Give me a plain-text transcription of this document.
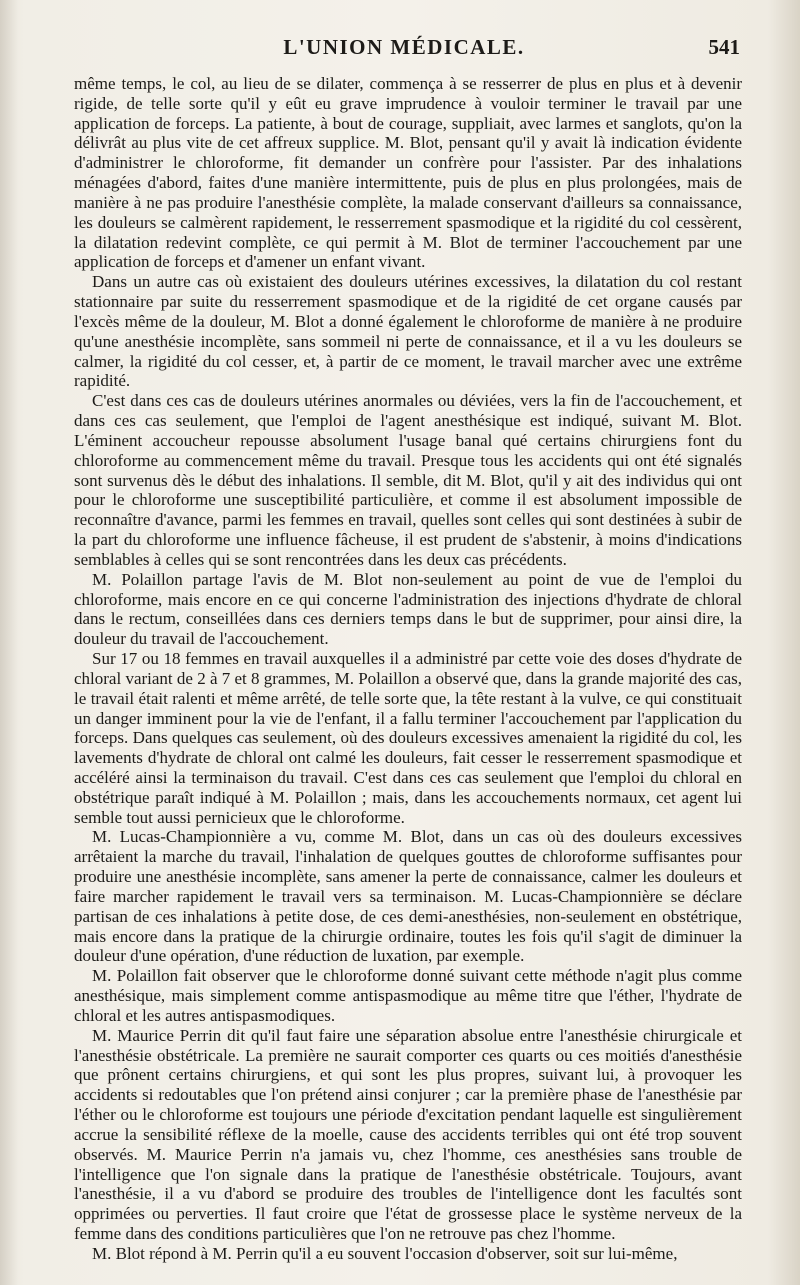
L'UNION MÉDICALE.	541

même temps, le col, au lieu de se dilater, commença à se resserrer de plus en plus et à devenir rigide, de telle sorte qu'il y eût eu grave imprudence à vouloir terminer le travail par une application de forceps. La patiente, à bout de courage, suppliait, avec larmes et sanglots, qu'on la délivrât au plus vite de cet affreux supplice. M. Blot, pensant qu'il y avait là indication évidente d'administrer le chloroforme, fit demander un confrère pour l'assister. Par des inhalations ménagées d'abord, faites d'une manière intermittente, puis de plus en plus prolongées, mais de manière à ne pas produire l'anesthésie complète, la malade conservant d'ailleurs sa connaissance, les douleurs se calmèrent rapidement, le resserrement spasmodique et la rigidité du col cessèrent, la dilatation redevint complète, ce qui permit à M. Blot de terminer l'accouchement par une application de forceps et d'amener un enfant vivant.

Dans un autre cas où existaient des douleurs utérines excessives, la dilatation du col restant stationnaire par suite du resserrement spasmodique et de la rigidité de cet organe causés par l'excès même de la douleur, M. Blot a donné également le chloroforme de manière à ne produire qu'une anesthésie incomplète, sans sommeil ni perte de connaissance, et il a vu les douleurs se calmer, la rigidité du col cesser, et, à partir de ce moment, le travail marcher avec une extrême rapidité.

C'est dans ces cas de douleurs utérines anormales ou déviées, vers la fin de l'accouchement, et dans ces cas seulement, que l'emploi de l'agent anesthésique est indiqué, suivant M. Blot. L'éminent accoucheur repousse absolument l'usage banal qué certains chirurgiens font du chloroforme au commencement même du travail. Presque tous les accidents qui ont été signalés sont survenus dès le début des inhalations. Il semble, dit M. Blot, qu'il y ait des individus qui ont pour le chloroforme une susceptibilité particulière, et comme il est absolument impossible de reconnaître d'avance, parmi les femmes en travail, quelles sont celles qui sont destinées à subir de la part du chloroforme une influence fâcheuse, il est prudent de s'abstenir, à moins d'indications semblables à celles qui se sont rencontrées dans les deux cas précédents.

M. Polaillon partage l'avis de M. Blot non-seulement au point de vue de l'emploi du chloroforme, mais encore en ce qui concerne l'administration des injections d'hydrate de chloral dans le rectum, conseillées dans ces derniers temps dans le but de supprimer, pour ainsi dire, la douleur du travail de l'accouchement.

Sur 17 ou 18 femmes en travail auxquelles il a administré par cette voie des doses d'hydrate de chloral variant de 2 à 7 et 8 grammes, M. Polaillon a observé que, dans la grande majorité des cas, le travail était ralenti et même arrêté, de telle sorte que, la tête restant à la vulve, ce qui constituait un danger imminent pour la vie de l'enfant, il a fallu terminer l'accouchement par l'application du forceps. Dans quelques cas seulement, où des douleurs excessives amenaient la rigidité du col, les lavements d'hydrate de chloral ont calmé les douleurs, fait cesser le resserrement spasmodique et accéléré ainsi la terminaison du travail. C'est dans ces cas seulement que l'emploi du chloral en obstétrique paraît indiqué à M. Polaillon ; mais, dans les accouchements normaux, cet agent lui semble tout aussi pernicieux que le chloroforme.

M. Lucas-Championnière a vu, comme M. Blot, dans un cas où des douleurs excessives arrêtaient la marche du travail, l'inhalation de quelques gouttes de chloroforme suffisantes pour produire une anesthésie incomplète, sans amener la perte de connaissance, calmer les douleurs et faire marcher rapidement le travail vers sa terminaison. M. Lucas-Championnière se déclare partisan de ces inhalations à petite dose, de ces demi-anesthésies, non-seulement en obstétrique, mais encore dans la pratique de la chirurgie ordinaire, toutes les fois qu'il s'agit de diminuer la douleur d'une opération, d'une réduction de luxation, par exemple.

M. Polaillon fait observer que le chloroforme donné suivant cette méthode n'agit plus comme anesthésique, mais simplement comme antispasmodique au même titre que l'éther, l'hydrate de chloral et les autres antispasmodiques.

M. Maurice Perrin dit qu'il faut faire une séparation absolue entre l'anesthésie chirurgicale et l'anesthésie obstétricale. La première ne saurait comporter ces quarts ou ces moitiés d'anesthésie que prônent certains chirurgiens, et qui sont les plus propres, suivant lui, à provoquer les accidents si redoutables que l'on prétend ainsi conjurer ; car la première phase de l'anesthésie par l'éther ou le chloroforme est toujours une période d'excitation pendant laquelle est singulièrement accrue la sensibilité réflexe de la moelle, cause des accidents terribles qui ont été trop souvent observés. M. Maurice Perrin n'a jamais vu, chez l'homme, ces anesthésies sans trouble de l'intelligence que l'on signale dans la pratique de l'anesthésie obstétricale. Toujours, avant l'anesthésie, il a vu d'abord se produire des troubles de l'intelligence dont les facultés sont opprimées ou perverties. Il faut croire que l'état de grossesse place le système nerveux de la femme dans des conditions particulières que l'on ne retrouve pas chez l'homme.

M. Blot répond à M. Perrin qu'il a eu souvent l'occasion d'observer, soit sur lui-même,
